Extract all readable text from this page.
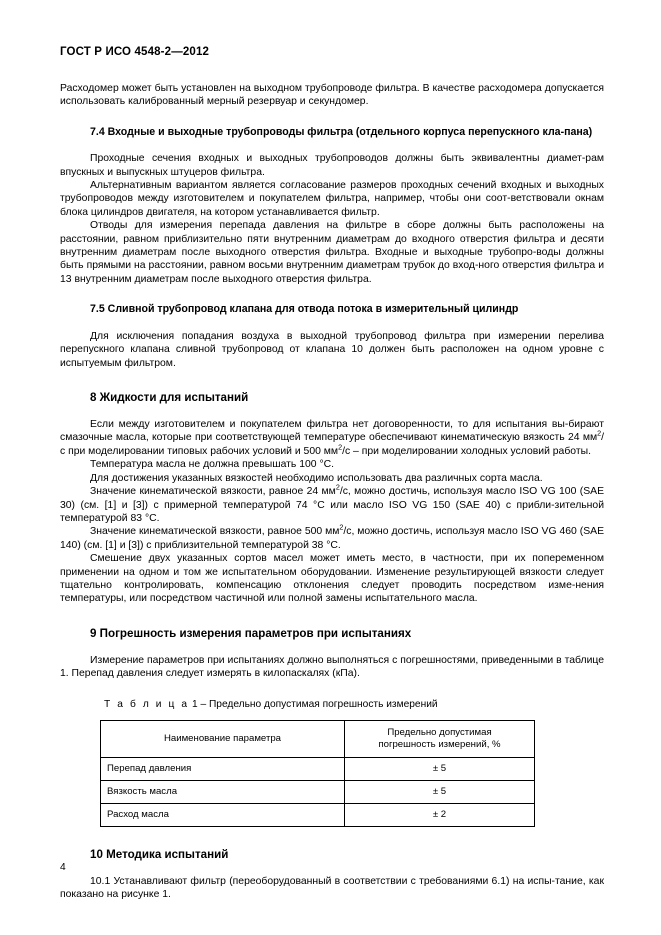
ГОСТ Р ИСО 4548-2—2012

Расходомер может быть установлен на выходном трубопроводе фильтра. В качестве расходомера допускается использовать калиброванный мерный резервуар и секундомер.

7.4 Входные и выходные трубопроводы фильтра (отдельного корпуса перепускного кла-пана)

Проходные сечения входных и выходных трубопроводов должны быть эквивалентны диамет-рам впускных и выпускных штуцеров фильтра.

Альтернативным вариантом является согласование размеров проходных сечений входных и выходных трубопроводов между изготовителем и покупателем фильтра, например, чтобы они соот-ветствовали окнам блока цилиндров двигателя, на котором устанавливается фильтр.

Отводы для измерения перепада давления на фильтре в сборе должны быть расположены на расстоянии, равном приблизительно пяти внутренним диаметрам до входного отверстия фильтра и десяти внутренним диаметрам после выходного отверстия фильтра. Входные и выходные трубопро-воды должны быть прямыми на расстоянии, равном восьми внутренним диаметрам трубок до вход-ного отверстия фильтра и 13 внутренним диаметрам после выходного отверстия фильтра.

7.5 Сливной трубопровод клапана для отвода потока в измерительный цилиндр

Для исключения попадания воздуха в выходной трубопровод фильтра при измерении перелива перепускного клапана сливной трубопровод от клапана 10 должен быть расположен на одном уровне с испытуемым фильтром.

8 Жидкости для испытаний

Если между изготовителем и покупателем фильтра нет договоренности, то для испытания вы-бирают смазочные масла, которые при соответствующей температуре обеспечивают кинематическую вязкость 24 $мм^2/с$ при моделировании типовых рабочих условий и 500 $мм^2/с$ – при моделировании холодных условий работы.

Температура масла не должна превышать 100 °С.

Для достижения указанных вязкостей необходимо использовать два различных сорта масла.

Значение кинематической вязкости, равное 24 $мм^2/с$, можно достичь, используя масло ISO VG 100 (SAE 30) (см. [1] и [3]) с примерной температурой 74 °С или масло ISO VG 150 (SAE 40) с прибли-зительной температурой 83 °С.

Значение кинематической вязкости, равное 500 $мм^2/с$, можно достичь, используя масло ISO VG 460 (SAE 140) (см. [1] и [3]) с приблизительной температурой 38 °С.

Смешение двух указанных сортов масел может иметь место, в частности, при их попеременном применении на одном и том же испытательном оборудовании. Изменение результирующей вязкости следует тщательно контролировать, компенсацию отклонения следует проводить посредством изме-нения температуры, или посредством частичной или полной замены испытательного масла.

9 Погрешность измерения параметров при испытаниях

Измерение параметров при испытаниях должно выполняться с погрешностями, приведенными в таблице 1. Перепад давления следует измерять в килопаскалях (кПа).

Т а б л и ц а 1 – Предельно допустимая погрешность измерений

Наименование параметра	Предельно допустимая
погрешность измерений, %
Перепад давления	± 5
Вязкость масла	± 5
Расход масла	± 2
10 Методика испытаний

10.1 Устанавливают фильтр (переоборудованный в соответствии с требованиями 6.1) на испы-тание, как показано на рисунке 1.

4
